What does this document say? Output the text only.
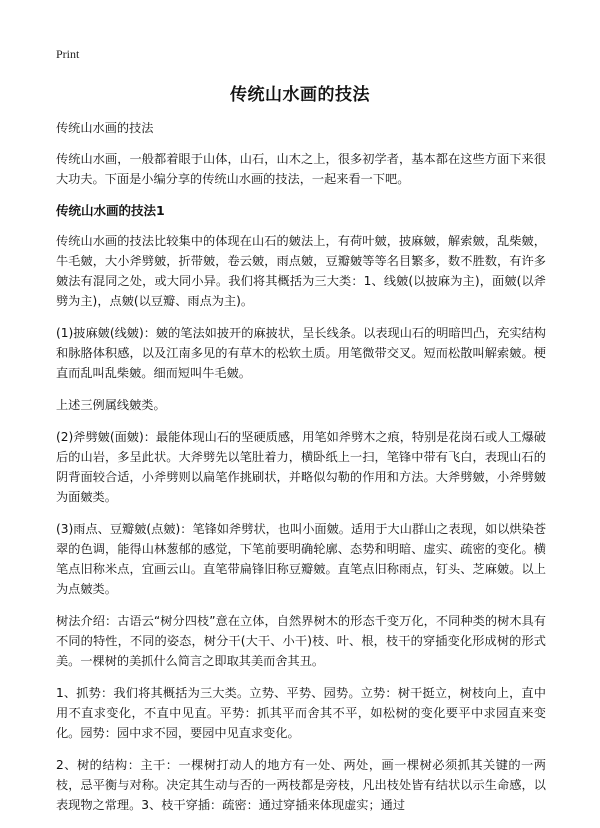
Print
传统山水画的技法

传统山水画的技法

传统山水画，一般都着眼于山体，山石，山木之上，很多初学者，基本都在这些方面下来很大功夫。下面是小编分享的传统山水画的技法，一起来看一下吧。

传统山水画的技法1

传统山水画的技法比较集中的体现在山石的皴法上，有荷叶皴，披麻皴，解索皴，乱柴皴，牛毛皴，大小斧劈皴，折带皴，卷云皴，雨点皴，豆瓣皴等等名目繁多，数不胜数，有许多皴法有混同之处，或大同小异。我们将其概括为三大类：1、线皴(以披麻为主)，面皴(以斧劈为主)，点皴(以豆瓣、雨点为主)。

(1)披麻皴(线皴)：皴的笔法如披开的麻披状，呈长线条。以表现山石的明暗凹凸，充实结构和脉胳体积感，以及江南多见的有草木的松软土质。用笔微带交叉。短而松散叫解索皴。梗直而乱叫乱柴皴。细而短叫牛毛皴。

上述三例属线皴类。

(2)斧劈皴(面皴)：最能体现山石的坚硬质感，用笔如斧劈木之痕，特别是花岗石或人工爆破后的山岩，多呈此状。大斧劈先以笔肚着力，横卧纸上一扫，笔锋中带有飞白，表现山石的阴背面较合适，小斧劈则以扁笔作挑刷状，并略似勾勒的作用和方法。大斧劈皴，小斧劈皴为面皴类。

(3)雨点、豆瓣皴(点皴)：笔锋如斧劈状，也叫小面皴。适用于大山群山之表现，如以烘染苍翠的色调，能得山林葱郁的感觉，下笔前要明确轮廓、态势和明暗、虚实、疏密的变化。横笔点旧称米点，宜画云山。直笔带扁锋旧称豆瓣皴。直笔点旧称雨点，钉头、芝麻皴。以上为点皴类。

树法介绍：古语云“树分四枝”意在立体，自然界树木的形态千变万化，不同种类的树木具有不同的特性，不同的姿态，树分干(大干、小干)枝、叶、根，枝干的穿插变化形成树的形式美。一棵树的美抓什么简言之即取其美而舍其丑。

1、抓势：我们将其概括为三大类。立势、平势、园势。立势：树干挺立，树枝向上，直中用不直求变化，不直中见直。平势：抓其平而舍其不平，如松树的变化要平中求园直来变化。园势：园中求不园，要园中见直求变化。

2、树的结构：主干：一棵树打动人的地方有一处、两处，画一棵树必须抓其关键的一两枝，忌平衡与对称。决定其生动与否的一两枝都是旁枝，凡出枝处皆有结状以示生命感，以表现物之常理。3、枝干穿插：疏密：通过穿插来体现虚实；通过
